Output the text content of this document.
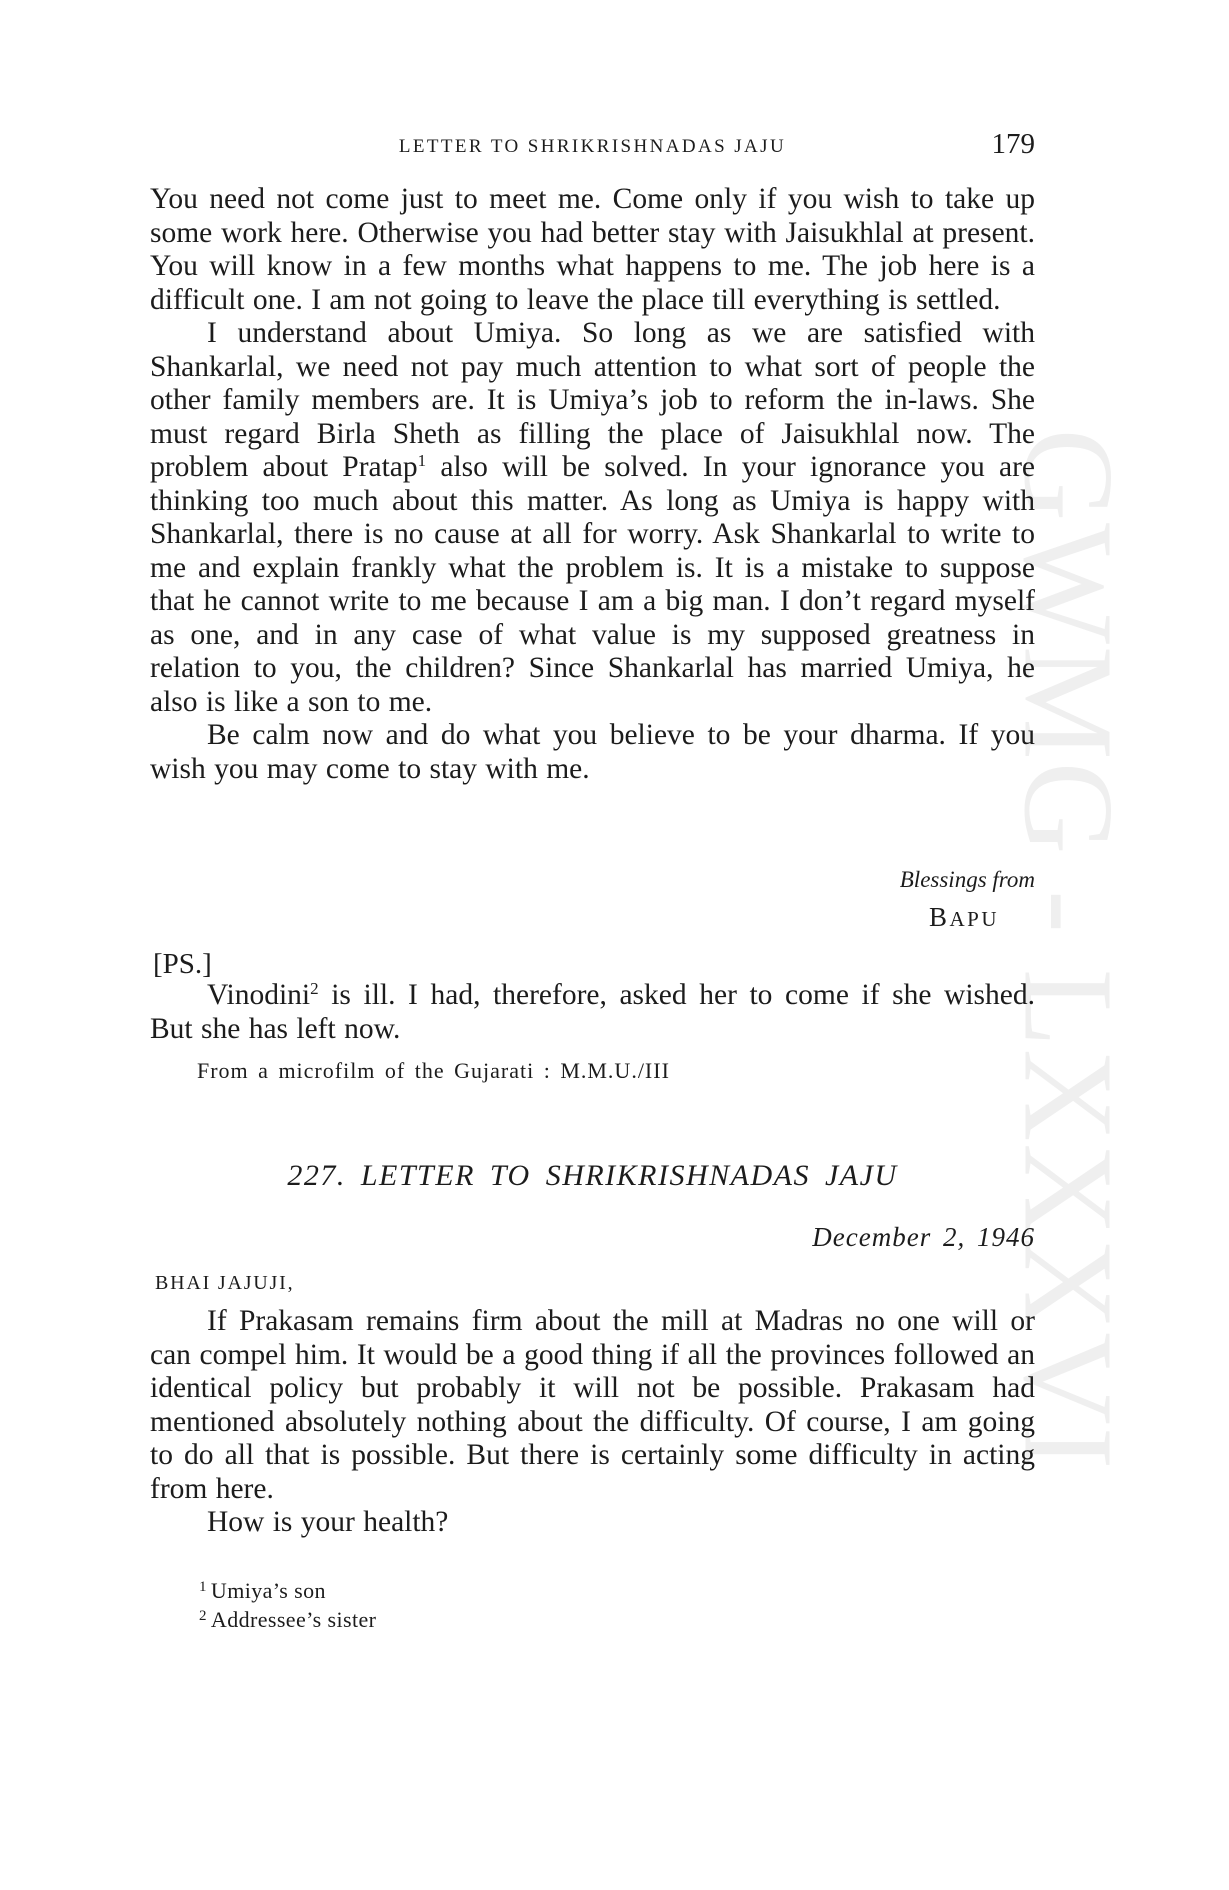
GWMG - LXXXVI
LETTER TO SHRIKRISHNADAS JAJU	179

You need not come just to meet me. Come only if you wish to take up some work here. Otherwise you had better stay with Jaisukhlal at present. You will know in a few months what happens to me. The job here is a difficult one. I am not going to leave the place till everything is settled.

I understand about Umiya. So long as we are satisfied with Shankarlal, we need not pay much attention to what sort of people the other family members are. It is Umiya’s job to reform the in-laws. She must regard Birla Sheth as filling the place of Jaisukhlal now. The problem about Pratap$^1$ also will be solved. In your ignorance you are thinking too much about this matter. As long as Umiya is happy with Shankarlal, there is no cause at all for worry. Ask Shankarlal to write to me and explain frankly what the problem is. It is a mistake to suppose that he cannot write to me because I am a big man. I don’t regard myself as one, and in any case of what value is my supposed greatness in relation to you, the children? Since Shankarlal has married Umiya, he also is like a son to me.

Be calm now and do what you believe to be your dharma. If you wish you may come to stay with me.

Blessings from
BAPU
[PS.]

Vinodini$^2$ is ill. I had, therefore, asked her to come if she wished. But she has left now.

From a microfilm of the Gujarati : M.M.U./III
227. LETTER TO SHRIKRISHNADAS JAJU
December 2, 1946
BHAI JAJUJI,

If Prakasam remains firm about the mill at Madras no one will or can compel him. It would be a good thing if all the provinces followed an identical policy but probably it will not be possible. Prakasam had mentioned absolutely nothing about the difficulty. Of course, I am going to do all that is possible. But there is certainly some difficulty in acting from here.

How is your health?

$^1$ Umiya’s son
$^2$ Addressee’s sister
